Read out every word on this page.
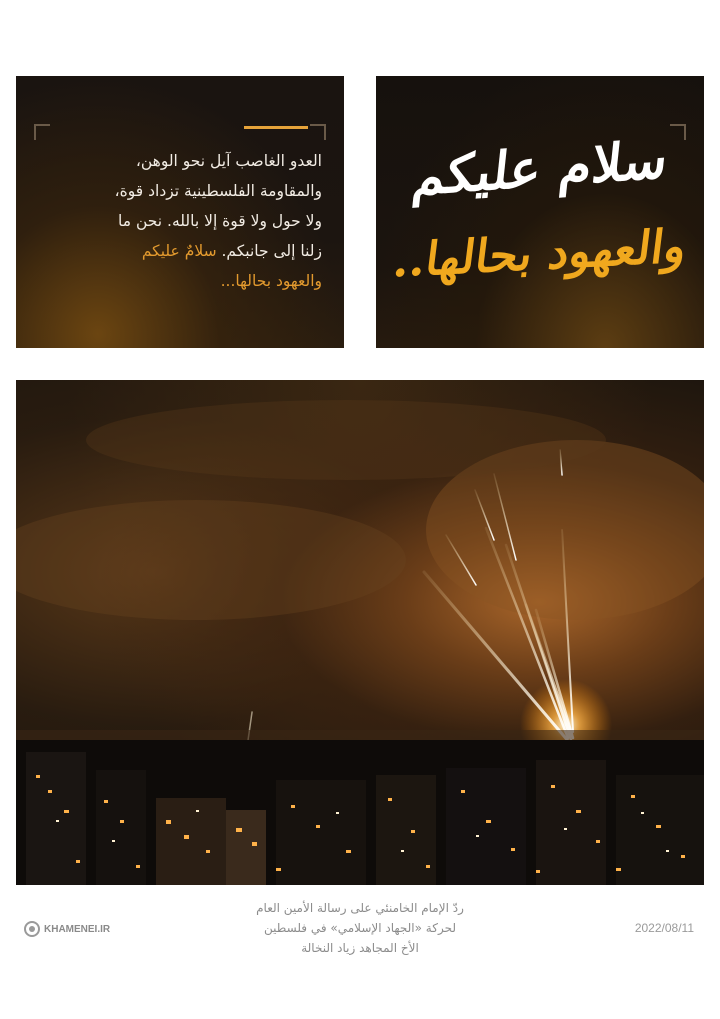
العدو الغاصب آيل نحو الوهن،
والمقاومة الفلسطينية تزداد قوة،
ولا حول ولا قوة إلا بالله. نحن ما
زلنا إلى جانبكم. سلامٌ عليكم
والعهود بحالها...
سلام عليكم
والعهود بحالها..
KHAMENEI.IR
ردّ الإمام الخامنئي على رسالة الأمين العام
لحركة «الجهاد الإسلامي» في فلسطين
الأخ المجاهد زياد النخالة
2022/08/11
